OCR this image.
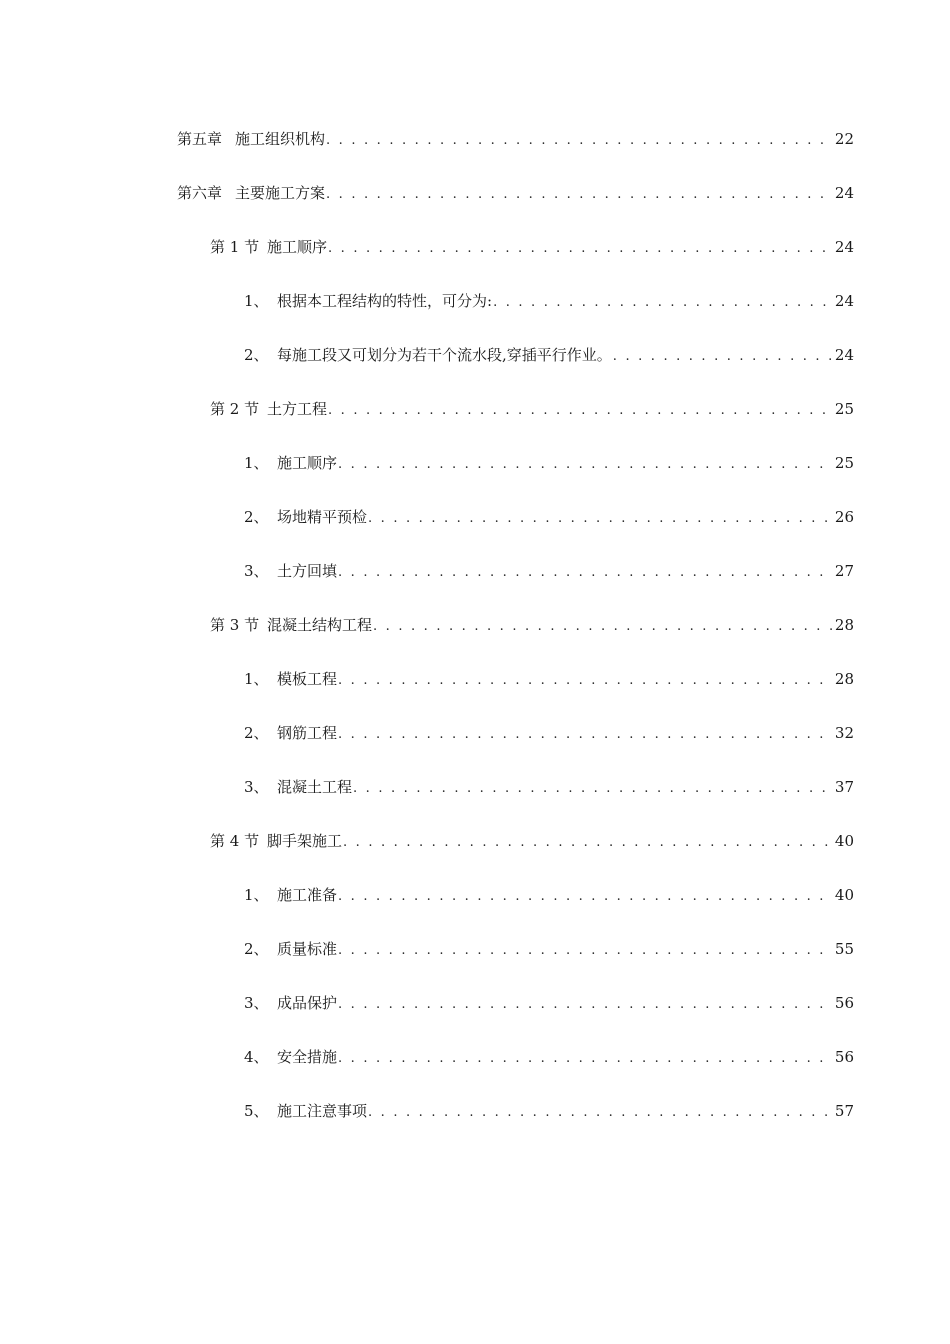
第五章 施工组织机构 . . .	22
第六章 主要施工方案 . . .	24
第 1 节 施工顺序 . . .	24
1、 根据本工程结构的特性，可分为: . . .	24
2、 每施工段又可划分为若干个流水段,穿插平行作业。 . . .	24
第 2 节 土方工程 . . .	25
1、 施工顺序 . . .	25
2、 场地精平预检 . . .	26
3、 土方回填 . . .	27
第 3 节 混凝土结构工程 . . .	28
1、 模板工程 . . .	28
2、 钢筋工程 . . .	32
3、 混凝土工程 . . .	37
第 4 节 脚手架施工 . . .	40
1、 施工准备 . . .	40
2、 质量标准 . . .	55
3、 成品保护 . . .	56
4、 安全措施 . . .	56
5、 施工注意事项 . . .	57
